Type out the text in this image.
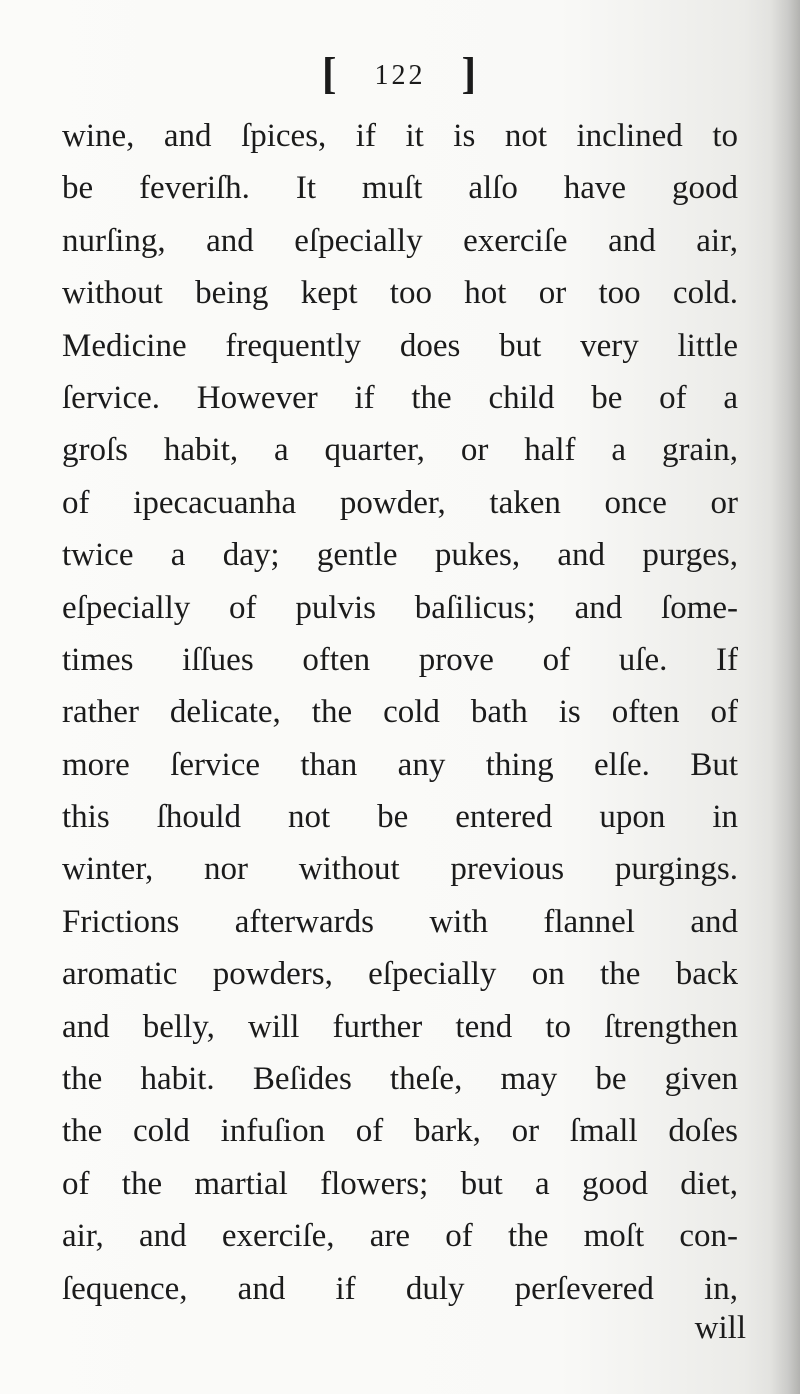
[ 122 ]
wine, and ſpices, if it is not inclined to
be feveriſh. It muſt alſo have good
nurſing, and eſpecially exerciſe and air,
without being kept too hot or too cold.
Medicine frequently does but very little
ſervice. However if the child be of a
groſs habit, a quarter, or half a grain,
of ipecacuanha powder, taken once or
twice a day; gentle pukes, and purges,
eſpecially of pulvis baſilicus; and ſome-
times iſſues often prove of uſe. If
rather delicate, the cold bath is often of
more ſervice than any thing elſe. But
this ſhould not be entered upon in
winter, nor without previous purgings.
Frictions afterwards with flannel and
aromatic powders, eſpecially on the back
and belly, will further tend to ſtrengthen
the habit. Beſides theſe, may be given
the cold infuſion of bark, or ſmall doſes
of the martial flowers; but a good diet,
air, and exerciſe, are of the moſt con-
ſequence, and if duly perſevered in,
will
